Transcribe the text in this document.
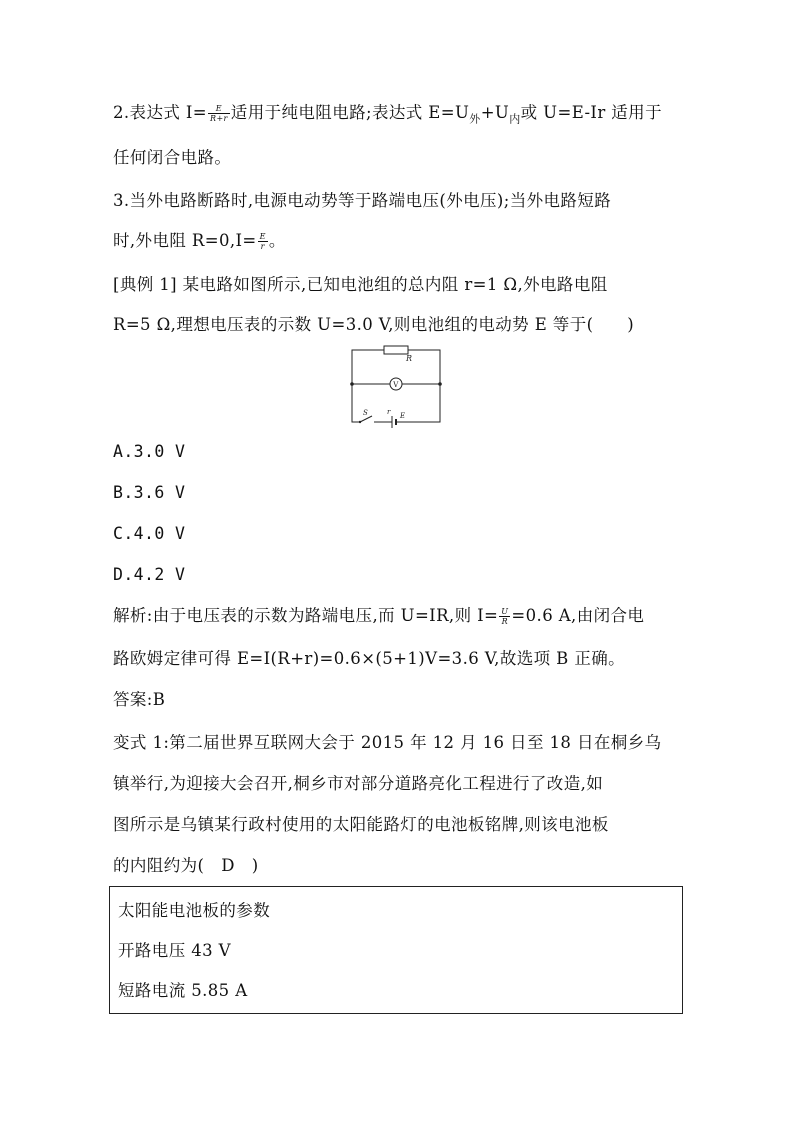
2.表达式 $I= \frac{E}{R+r}$ 适用于纯电阻电路;表达式 $E=U_外+U_内$或 U=E-Ir 适用于
任何闭合电路。
3.当外电路断路时,电源电动势等于路端电压(外电压);当外电路短路
时,外电阻 $R=0,I= \frac{E}{r}$ 。
[典例 1] 某电路如图所示,已知电池组的总内阻 r=1 Ω,外电路电阻
R=5 Ω,理想电压表的示数 U=3.0 V,则电池组的电动势 E 等于(　　)
R
V
S	r E
A.3.0 V
B.3.6 V
C.4.0 V
D.4.2 V
解析:由于电压表的示数为路端电压,而 U=IR,则 $I= \frac{U}{R} =0.6$ A,由闭合电
路欧姆定律可得 E=I(R+r)=0.6×(5+1)V=3.6 V,故选项 B 正确。
答案:B
变式 1:第二届世界互联网大会于 2015 年 12 月 16 日至 18 日在桐乡乌
镇举行,为迎接大会召开,桐乡市对部分道路亮化工程进行了改造,如
图所示是乌镇某行政村使用的太阳能路灯的电池板铭牌,则该电池板
的内阻约为(　D　)
太阳能电池板的参数
开路电压 43 V
短路电流 5.85 A
